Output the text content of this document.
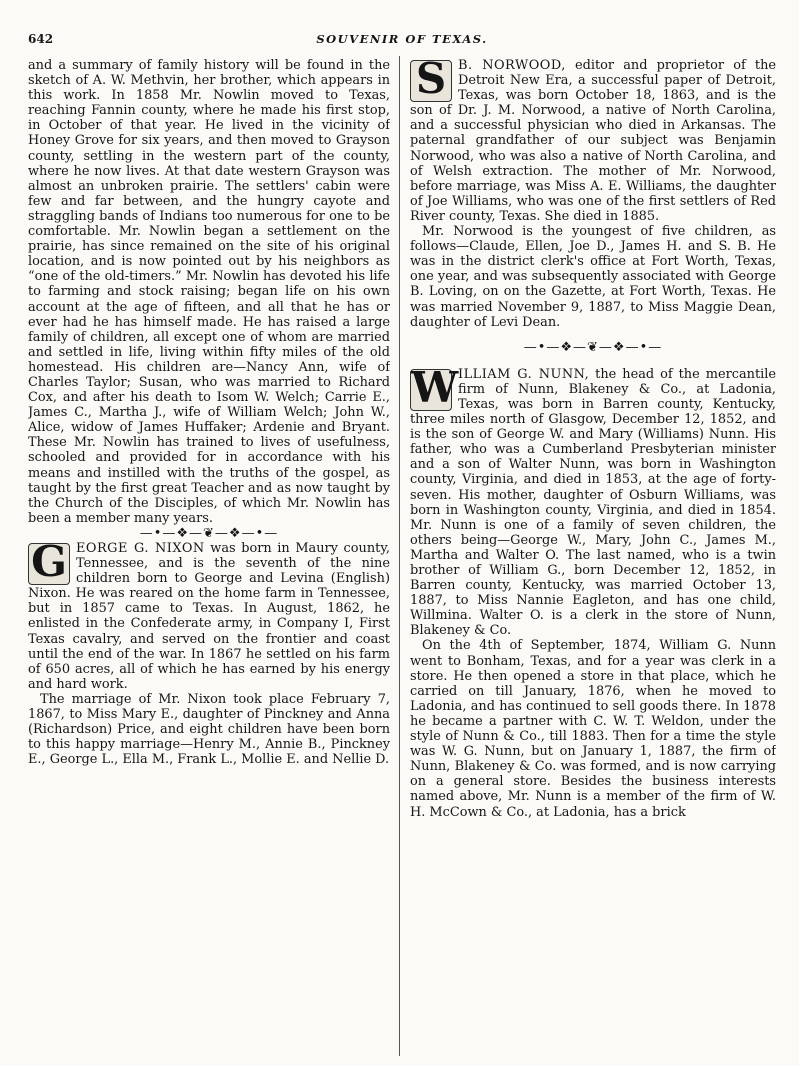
642	SOUVENIR OF TEXAS.

and a summary of family history will be found in the sketch of A. W. Methvin, her brother, which appears in this work. In 1858 Mr. Nowlin moved to Texas, reaching Fannin county, where he made his first stop, in October of that year. He lived in the vicinity of Honey Grove for six years, and then moved to Grayson county, settling in the western part of the county, where he now lives. At that date western Grayson was almost an unbroken prairie. The settlers' cabin were few and far between, and the hungry cayote and straggling bands of Indians too numerous for one to be comfortable. Mr. Nowlin began a settlement on the prairie, has since remained on the site of his original location, and is now pointed out by his neighbors as “one of the old-timers.” Mr. Nowlin has devoted his life to farming and stock raising; began life on his own account at the age of fifteen, and all that he has or ever had he has himself made. He has raised a large family of children, all except one of whom are married and settled in life, living within fifty miles of the old homestead. His children are—Nancy Ann, wife of Charles Taylor; Susan, who was married to Richard Cox, and after his death to Isom W. Welch; Carrie E., James C., Martha J., wife of William Welch; John W., Alice, widow of James Huffaker; Ardenie and Bryant. These Mr. Nowlin has trained to lives of usefulness, schooled and provided for in accordance with his means and instilled with the truths of the gospel, as taught by the first great Teacher and as now taught by the Church of the Disciples, of which Mr. Nowlin has been a member many years.

—•—❖—❦—❖—•—

G EORGE G. NIXON was born in Maury county, Tennessee, and is the seventh of the nine children born to George and Levina (English) Nixon. He was reared on the home farm in Tennessee, but in 1857 came to Texas. In August, 1862, he enlisted in the Confederate army, in Company I, First Texas cavalry, and served on the frontier and coast until the end of the war. In 1867 he settled on his farm of 650 acres, all of which he has earned by his energy and hard work.

The marriage of Mr. Nixon took place February 7, 1867, to Miss Mary E., daughter of Pinckney and Anna (Richardson) Price, and eight children have been born to this happy marriage—Henry M., Annie B., Pinckney E., George L., Ella M., Frank L., Mollie E. and Nellie D.

S B. NORWOOD, editor and proprietor of the Detroit New Era, a successful paper of Detroit, Texas, was born October 18, 1863, and is the son of Dr. J. M. Norwood, a native of North Carolina, and a successful physician who died in Arkansas. The paternal grandfather of our subject was Benjamin Norwood, who was also a native of North Carolina, and of Welsh extraction. The mother of Mr. Norwood, before marriage, was Miss A. E. Williams, the daughter of Joe Williams, who was one of the first settlers of Red River county, Texas. She died in 1885.

Mr. Norwood is the youngest of five children, as follows—Claude, Ellen, Joe D., James H. and S. B. He was in the district clerk's office at Fort Worth, Texas, one year, and was subsequently associated with George B. Loving, on on the Gazette, at Fort Worth, Texas. He was married November 9, 1887, to Miss Maggie Dean, daughter of Levi Dean.

—•—❖—❦—❖—•—

W ILLIAM G. NUNN, the head of the mercantile firm of Nunn, Blakeney & Co., at Ladonia, Texas, was born in Barren county, Kentucky, three miles north of Glasgow, December 12, 1852, and is the son of George W. and Mary (Williams) Nunn. His father, who was a Cumberland Presbyterian minister and a son of Walter Nunn, was born in Washington county, Virginia, and died in 1853, at the age of forty-seven. His mother, daughter of Osburn Williams, was born in Washington county, Virginia, and died in 1854. Mr. Nunn is one of a family of seven children, the others being—George W., Mary, John C., James M., Martha and Walter O. The last named, who is a twin brother of William G., born December 12, 1852, in Barren county, Kentucky, was married October 13, 1887, to Miss Nannie Eagleton, and has one child, Willmina. Walter O. is a clerk in the store of Nunn, Blakeney & Co.

On the 4th of September, 1874, William G. Nunn went to Bonham, Texas, and for a year was clerk in a store. He then opened a store in that place, which he carried on till January, 1876, when he moved to Ladonia, and has continued to sell goods there. In 1878 he became a partner with C. W. T. Weldon, under the style of Nunn & Co., till 1883. Then for a time the style was W. G. Nunn, but on January 1, 1887, the firm of Nunn, Blakeney & Co. was formed, and is now carrying on a general store. Besides the business interests named above, Mr. Nunn is a member of the firm of W. H. McCown & Co., at Ladonia, has a brick
